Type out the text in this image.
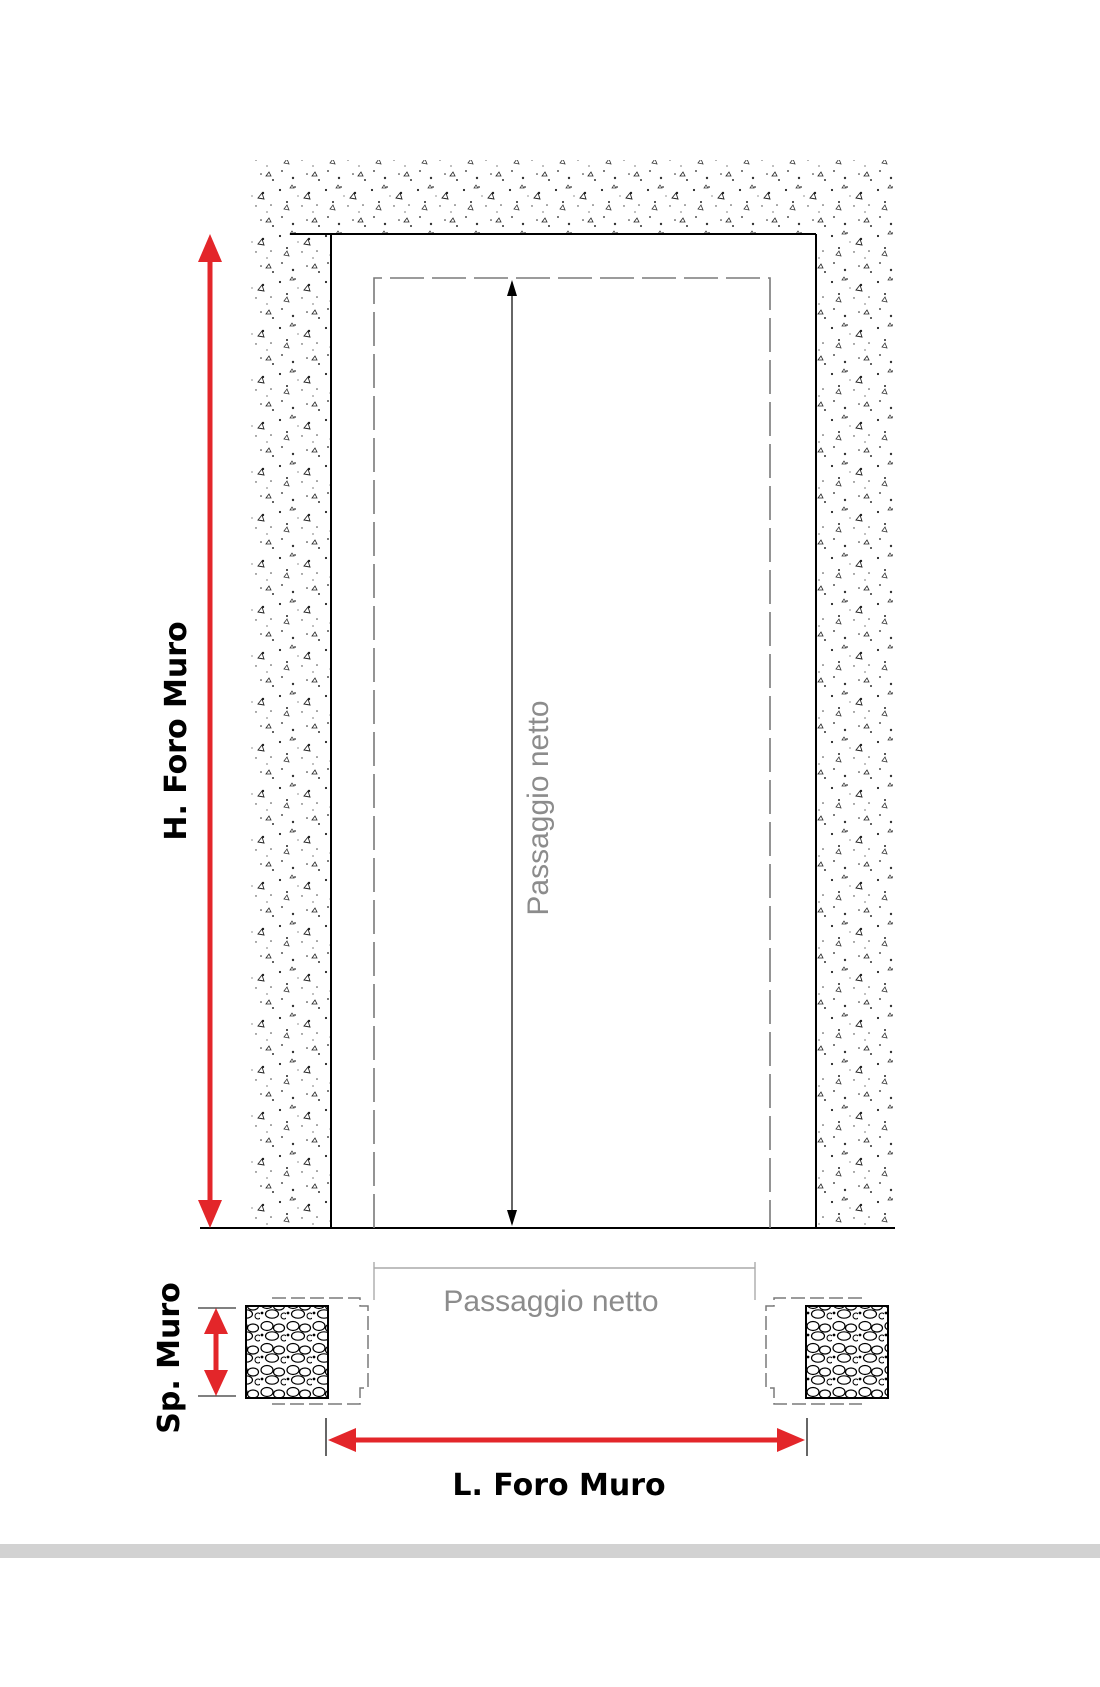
Passaggio netto
H. Foro Muro
Passaggio netto
Sp. Muro
L. Foro Muro
